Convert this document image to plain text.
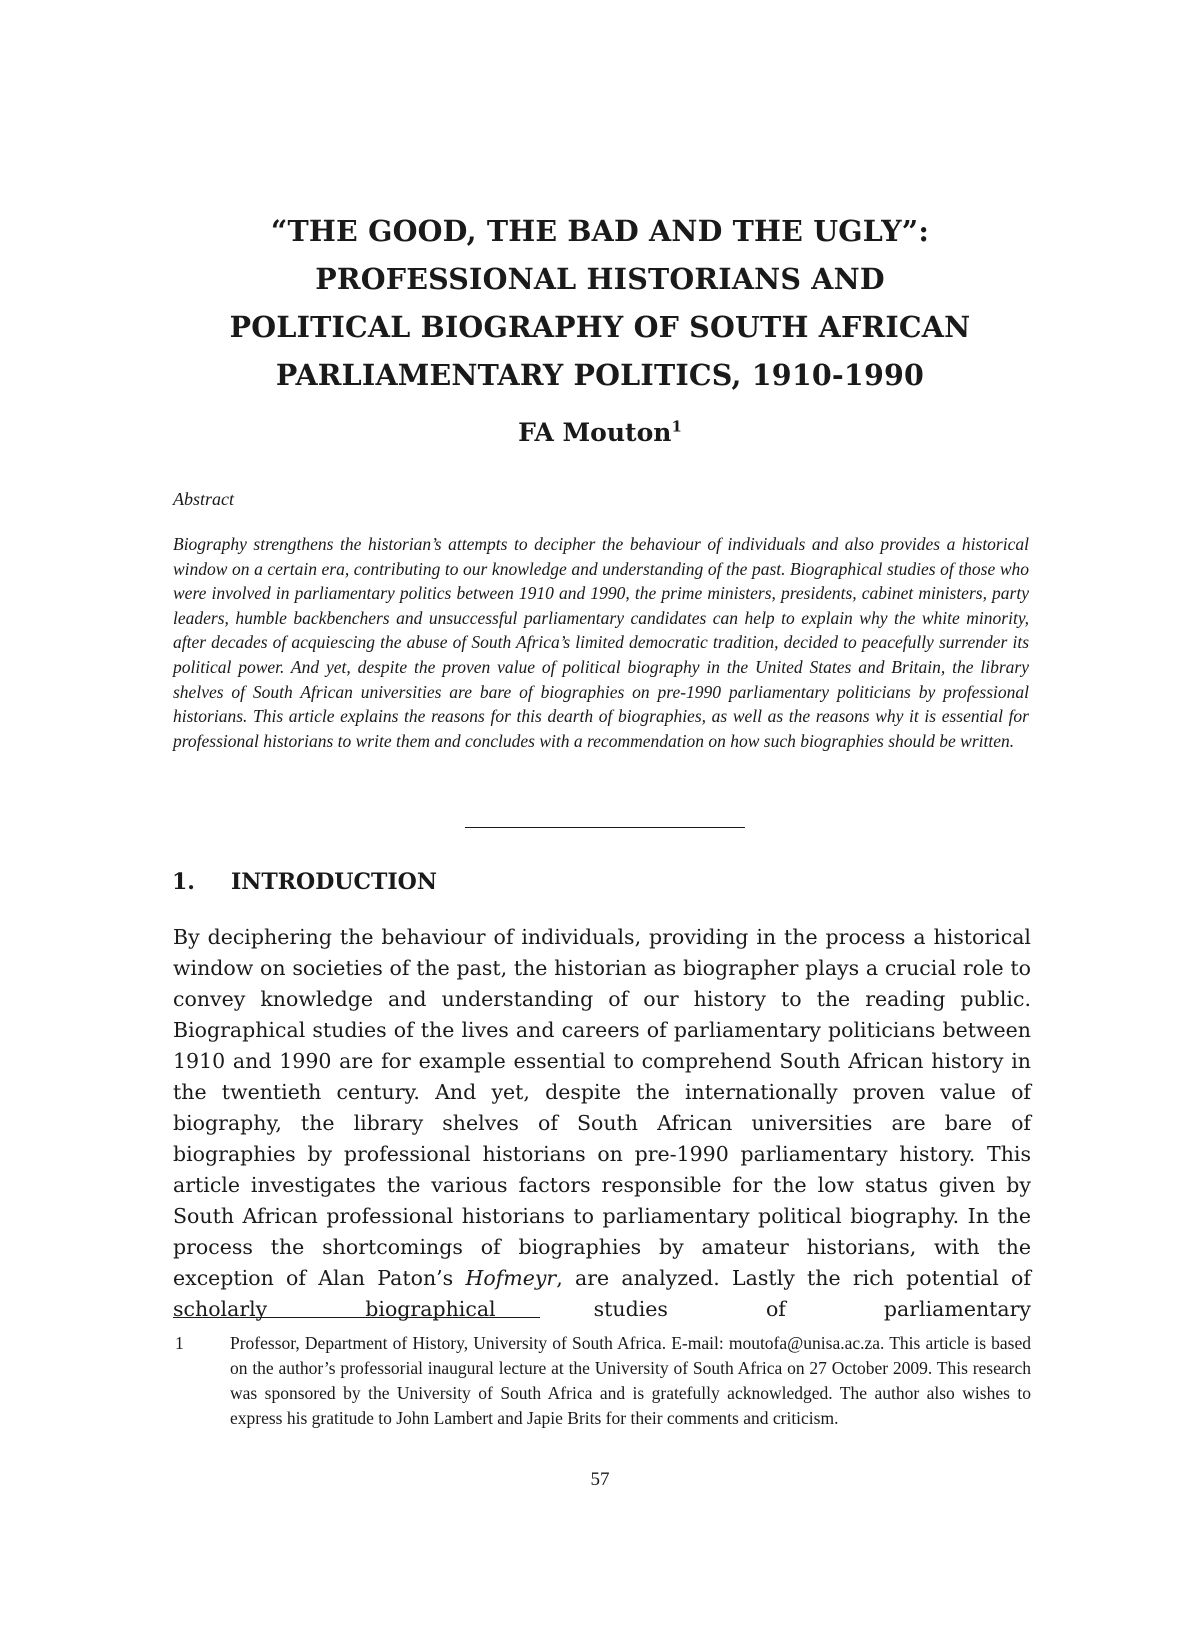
“THE GOOD, THE BAD AND THE UGLY”:
PROFESSIONAL HISTORIANS AND
POLITICAL BIOGRAPHY OF SOUTH AFRICAN
PARLIAMENTARY POLITICS, 1910-1990
FA Mouton$^1$
Abstract
Biography strengthens the historian’s attempts to decipher the behaviour of individuals and also provides a historical window on a certain era, contributing to our knowledge and understanding of the past. Biographical studies of those who were involved in parliamentary politics between 1910 and 1990, the prime ministers, presidents, cabinet ministers, party leaders, humble backbenchers and unsuccessful parliamentary candidates can help to explain why the white minority, after decades of acquiescing the abuse of South Africa’s limited democratic tradition, decided to peacefully surrender its political power. And yet, despite the proven value of political biography in the United States and Britain, the library shelves of South African universities are bare of biographies on pre-1990 parliamentary politicians by professional historians. This article explains the reasons for this dearth of biographies, as well as the reasons why it is essential for professional historians to write them and concludes with a recommendation on how such biographies should be written.
1. INTRODUCTION
By deciphering the behaviour of individuals, providing in the process a historical window on societies of the past, the historian as biographer plays a crucial role to convey knowledge and understanding of our history to the reading public. Biographical studies of the lives and careers of parliamentary politicians between 1910 and 1990 are for example essential to comprehend South African history in the twentieth century. And yet, despite the internationally proven value of biography, the library shelves of South African universities are bare of biographies by professional historians on pre-1990 parliamentary history. This article investigates the various factors responsible for the low status given by South African professional historians to parliamentary political biography. In the process the shortcomings of biographies by amateur historians, with the exception of Alan Paton’s Hofmeyr, are analyzed. Lastly the rich potential of scholarly biographical studies of parliamentary
1	Professor, Department of History, University of South Africa. E-mail: moutofa@unisa.ac.za. This article is based on the author’s professorial inaugural lecture at the University of South Africa on 27 October 2009. This research was sponsored by the University of South Africa and is gratefully acknowledged. The author also wishes to express his gratitude to John Lambert and Japie Brits for their comments and criticism.
57
